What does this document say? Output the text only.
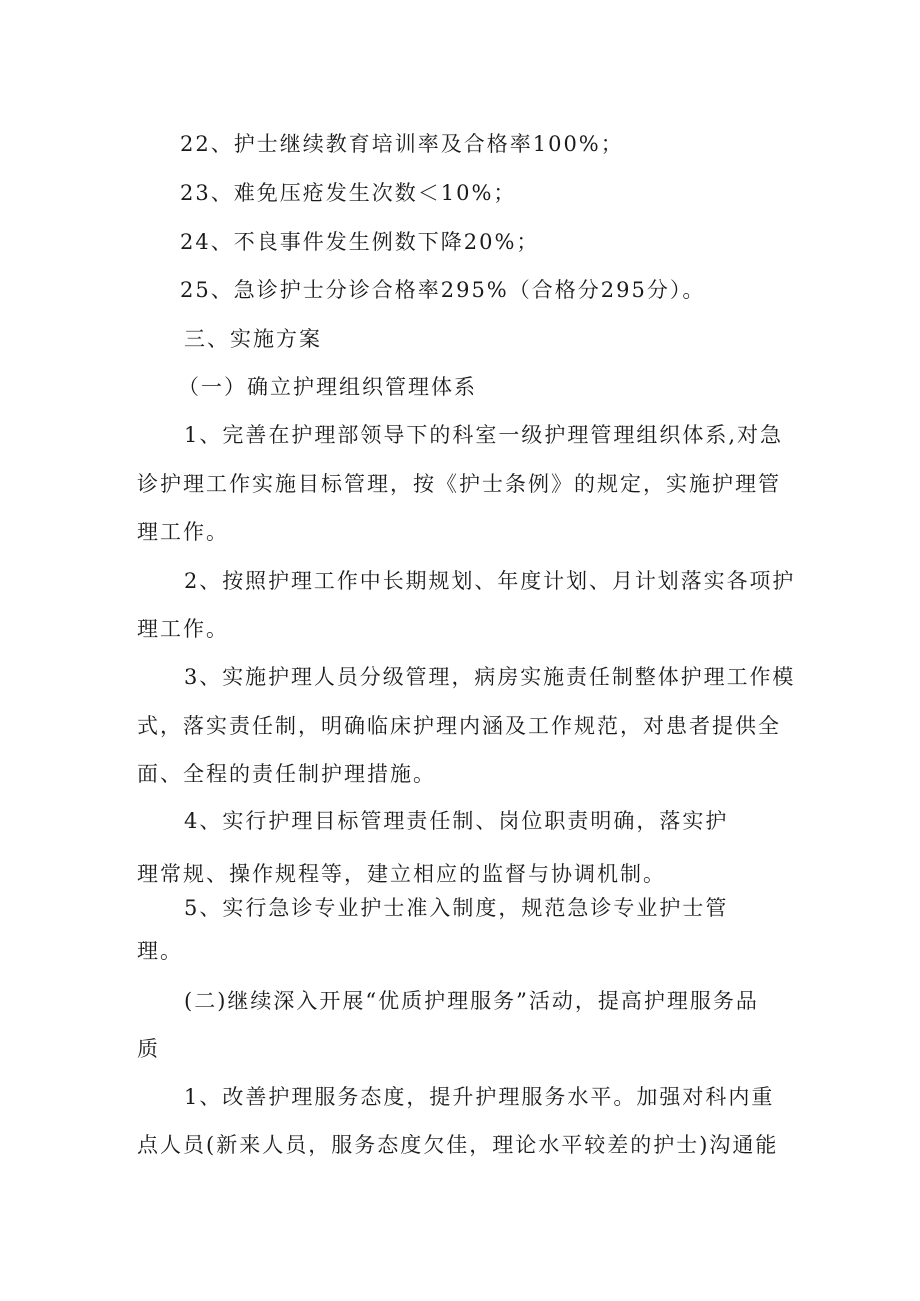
22、护士继续教育培训率及合格率100%；
23、难免压疮发生次数＜10%；
24、不良事件发生例数下降20%；
25、急诊护士分诊合格率295%（合格分295分）。
三、实施方案
（一）确立护理组织管理体系
1、完善在护理部领导下的科室一级护理管理组织体系,对急
诊护理工作实施目标管理，按《护士条例》的规定，实施护理管
理工作。
2、按照护理工作中长期规划、年度计划、月计划落实各项护
理工作。
3、实施护理人员分级管理，病房实施责任制整体护理工作模
式，落实责任制，明确临床护理内涵及工作规范，对患者提供全
面、全程的责任制护理措施。
4、实行护理目标管理责任制、岗位职责明确，落实护
理常规、操作规程等，建立相应的监督与协调机制。
5、实行急诊专业护士准入制度，规范急诊专业护士管
理。
(二)继续深入开展“优质护理服务”活动，提高护理服务品
质
1、改善护理服务态度，提升护理服务水平。加强对科内重
点人员(新来人员，服务态度欠佳，理论水平较差的护士)沟通能
